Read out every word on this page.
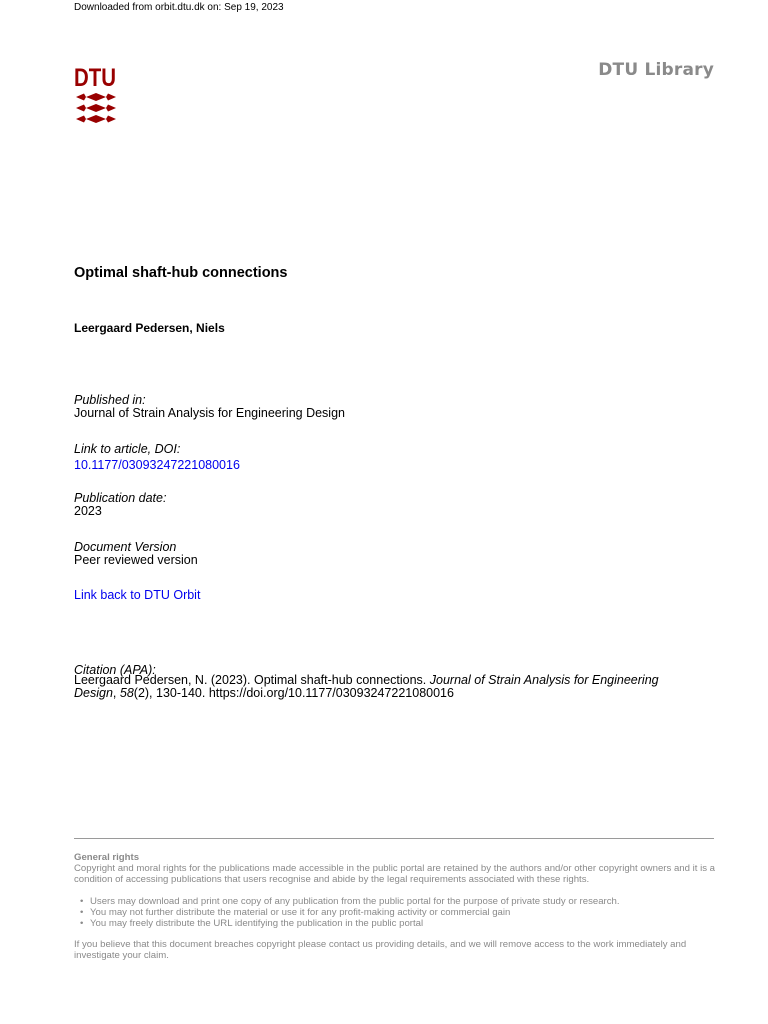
Downloaded from orbit.dtu.dk on: Sep 19, 2023
DTU	DTU Library
Optimal shaft-hub connections
Leergaard Pedersen, Niels
Published in:
Journal of Strain Analysis for Engineering Design
Link to article, DOI:
10.1177/03093247221080016
Publication date:
2023
Document Version
Peer reviewed version
Link back to DTU Orbit
Citation (APA):
Leergaard Pedersen, N. (2023). Optimal shaft-hub connections. Journal of Strain Analysis for Engineering Design, 58(2), 130-140. https://doi.org/10.1177/03093247221080016
General rights
Copyright and moral rights for the publications made accessible in the public portal are retained by the authors and/or other copyright owners and it is a condition of accessing publications that users recognise and abide by the legal requirements associated with these rights.
• Users may download and print one copy of any publication from the public portal for the purpose of private study or research.
• You may not further distribute the material or use it for any profit-making activity or commercial gain
• You may freely distribute the URL identifying the publication in the public portal
If you believe that this document breaches copyright please contact us providing details, and we will remove access to the work immediately and investigate your claim.
